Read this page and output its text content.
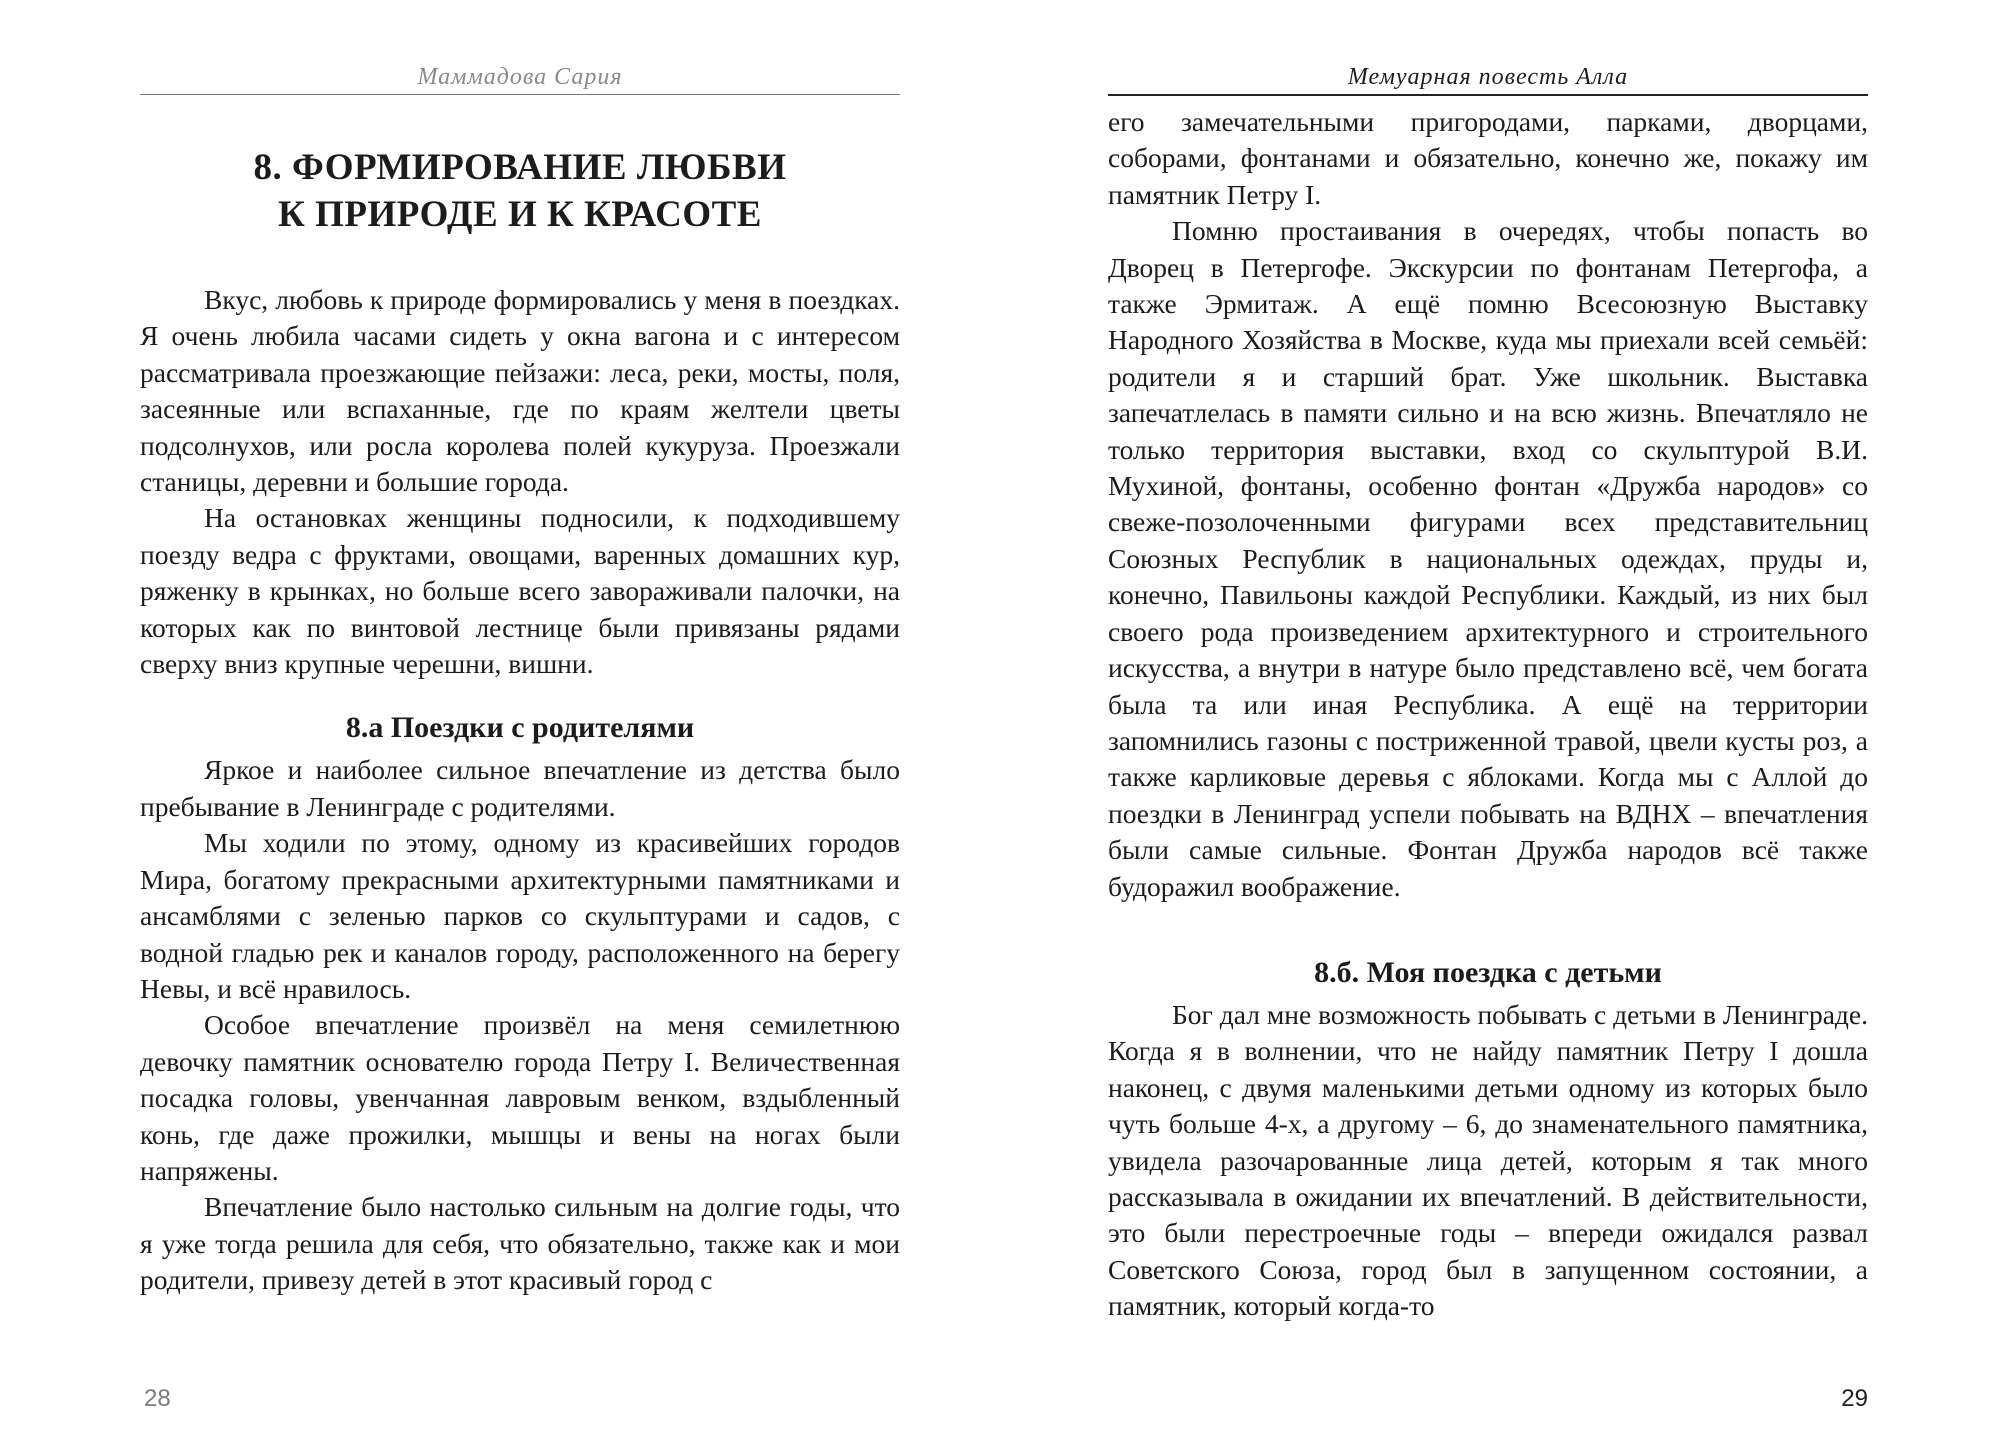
Маммадова Сария
8. ФОРМИРОВАНИЕ ЛЮБВИ
К ПРИРОДЕ И К КРАСОТЕ

Вкус, любовь к природе формировались у меня в поездках. Я очень любила часами сидеть у окна вагона и с интересом рассматривала проезжающие пейзажи: леса, реки, мосты, поля, засеянные или вспаханные, где по краям желтели цветы подсолнухов, или росла королева полей кукуруза. Проезжали станицы, деревни и большие города.

На остановках женщины подносили, к подходившему поезду ведра с фруктами, овощами, варенных домашних кур, ряженку в крынках, но больше всего завораживали палочки, на которых как по винтовой лестнице были привязаны рядами сверху вниз крупные черешни, вишни.

8.а Поездки с родителями

Яркое и наиболее сильное впечатление из детства было пребывание в Ленинграде с родителями.

Мы ходили по этому, одному из красивейших городов Мира, богатому прекрасными архитектурными памятниками и ансамблями с зеленью парков со скульптурами и садов, с водной гладью рек и каналов городу, расположенного на берегу Невы, и всё нравилось.

Особое впечатление произвёл на меня семилетнюю девочку памятник основателю города Петру I. Величественная посадка головы, увенчанная лавровым венком, вздыбленный конь, где даже прожилки, мышцы и вены на ногах были напряжены.

Впечатление было настолько сильным на долгие годы, что я уже тогда решила для себя, что обязательно, также как и мои родители, привезу детей в этот красивый город с

28
Мемуарная повесть Алла

его замечательными пригородами, парками, дворцами, соборами, фонтанами и обязательно, конечно же, покажу им памятник Петру I.

Помню простаивания в очередях, чтобы попасть во Дворец в Петергофе. Экскурсии по фонтанам Петергофа, а также Эрмитаж. А ещё помню Всесоюзную Выставку Народного Хозяйства в Москве, куда мы приехали всей семьёй: родители я и старший брат. Уже школьник. Выставка запечатлелась в памяти сильно и на всю жизнь. Впечатляло не только территория выставки, вход со скульптурой В.И. Мухиной, фонтаны, особенно фонтан «Дружба народов» со свеже-позолоченными фигурами всех представительниц Союзных Республик в национальных одеждах, пруды и, конечно, Павильоны каждой Республики. Каждый, из них был своего рода произведением архитектурного и строительного искусства, а внутри в натуре было представлено всё, чем богата была та или иная Республика. А ещё на территории запомнились газоны с постриженной травой, цвели кусты роз, а также карликовые деревья с яблоками. Когда мы с Аллой до поездки в Ленинград успели побывать на ВДНХ – впечатления были самые сильные. Фонтан Дружба народов всё также будоражил воображение.

8.б. Моя поездка с детьми

Бог дал мне возможность побывать с детьми в Ленинграде. Когда я в волнении, что не найду памятник Петру I дошла наконец, с двумя маленькими детьми одному из которых было чуть больше 4-х, а другому – 6, до знаменательного памятника, увидела разочарованные лица детей, которым я так много рассказывала в ожидании их впечатлений. В действительности, это были перестроечные годы – впереди ожидался развал Советского Союза, город был в запущенном состоянии, а памятник, который когда-то

29
